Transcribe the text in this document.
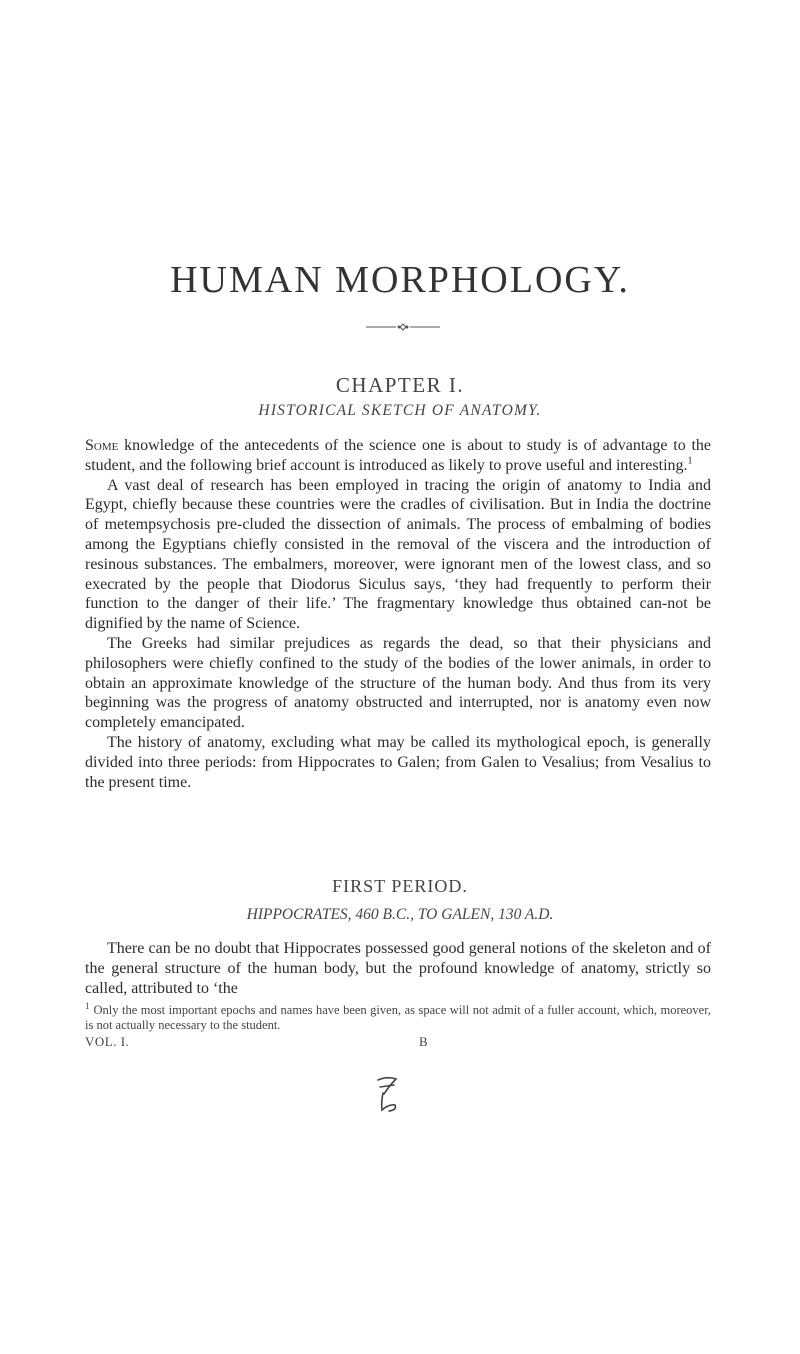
HUMAN MORPHOLOGY.
CHAPTER I.
HISTORICAL SKETCH OF ANATOMY.

Some knowledge of the antecedents of the science one is about to study is of advantage to the student, and the following brief account is introduced as likely to prove useful and interesting.$^1$

A vast deal of research has been employed in tracing the origin of anatomy to India and Egypt, chiefly because these countries were the cradles of civilisation. But in India the doctrine of metempsychosis pre-cluded the dissection of animals. The process of embalming of bodies among the Egyptians chiefly consisted in the removal of the viscera and the introduction of resinous substances. The embalmers, moreover, were ignorant men of the lowest class, and so execrated by the people that Diodorus Siculus says, ‘they had frequently to perform their function to the danger of their life.’ The fragmentary knowledge thus obtained can-not be dignified by the name of Science.

The Greeks had similar prejudices as regards the dead, so that their physicians and philosophers were chiefly confined to the study of the bodies of the lower animals, in order to obtain an approximate knowledge of the structure of the human body. And thus from its very beginning was the progress of anatomy obstructed and interrupted, nor is anatomy even now completely emancipated.

The history of anatomy, excluding what may be called its mythological epoch, is generally divided into three periods: from Hippocrates to Galen; from Galen to Vesalius; from Vesalius to the present time.

FIRST PERIOD.
HIPPOCRATES, 460 B.C., TO GALEN, 130 A.D.

There can be no doubt that Hippocrates possessed good general notions of the skeleton and of the general structure of the human body, but the profound knowledge of anatomy, strictly so called, attributed to ‘the

$^1$ Only the most important epochs and names have been given, as space will not admit of a fuller account, which, moreover, is not actually necessary to the student.
VOL. I.	B
